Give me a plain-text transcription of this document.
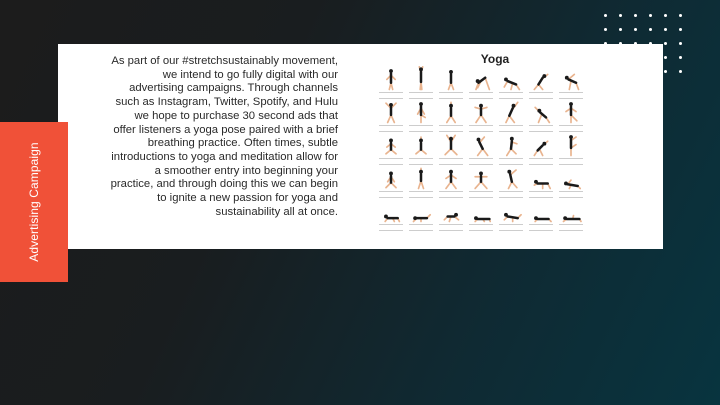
Advertising Campaign
As part of our #stretchsustainably movement, we intend to go fully digital with our advertising campaigns. Through channels such as Instagram, Twitter, Spotify, and Hulu we hope to purchase 30 second ads that offer listeners a yoga pose paired with a brief breathing practice. Often times, subtle introductions to yoga and meditation allow for a smoother entry into beginning your practice, and through doing this we can begin to ignite a new passion for yoga and sustainability all at once.
Yoga
